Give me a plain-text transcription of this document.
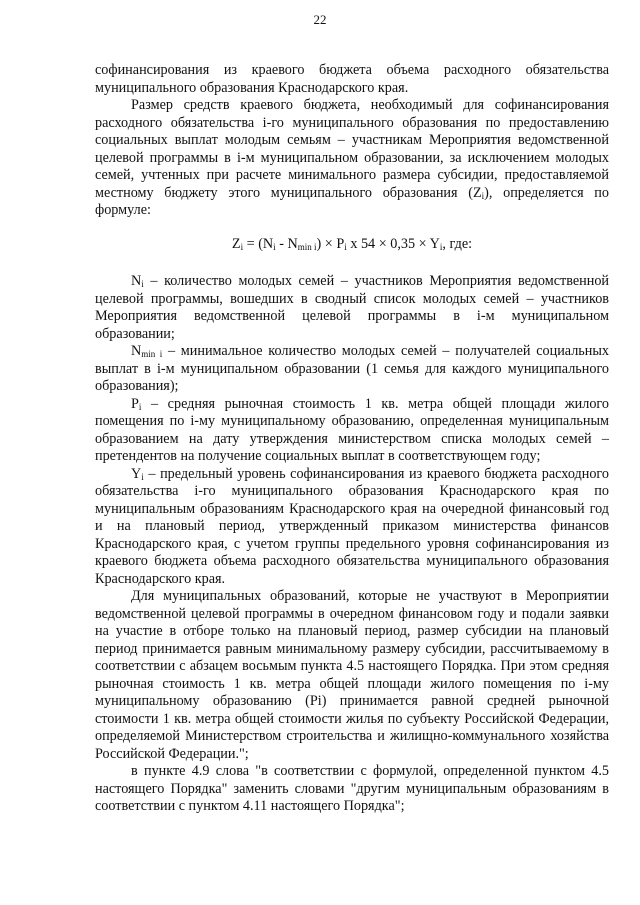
22

софинансирования из краевого бюджета объема расходного обязательства муниципального образования Краснодарского края.

Размер средств краевого бюджета, необходимый для софинансирования расходного обязательства i-го муниципального образования по предоставлению социальных выплат молодым семьям – участникам Мероприятия ведомственной целевой программы в i-м муниципальном образовании, за исключением молодых семей, учтенных при расчете минимального размера субсидии, предоставляемой местному бюджету этого муниципального образования $(Z_i)$, определяется по формуле:

$Z_i = (N_i - N_{min i}) \times P_i$ x $54 \times 0,35 \times Y_i$, где:

$N_i$ – количество молодых семей – участников Мероприятия ведомственной целевой программы, вошедших в сводный список молодых семей – участников Мероприятия ведомственной целевой программы в i-м муниципальном образовании;

$N_{min i}$ – минимальное количество молодых семей – получателей социальных выплат в i-м муниципальном образовании (1 семья для каждого муниципального образования);

$P_i$ – средняя рыночная стоимость 1 кв. метра общей площади жилого помещения по i-му муниципальному образованию, определенная муниципальным образованием на дату утверждения министерством списка молодых семей – претендентов на получение социальных выплат в соответствующем году;

$Y_i$ – предельный уровень софинансирования из краевого бюджета расходного обязательства i-го муниципального образования Краснодарского края по муниципальным образованиям Краснодарского края на очередной финансовый год и на плановый период, утвержденный приказом министерства финансов Краснодарского края, с учетом группы предельного уровня софинансирования из краевого бюджета объема расходного обязательства муниципального образования Краснодарского края.

Для муниципальных образований, которые не участвуют в Мероприятии ведомственной целевой программы в очередном финансовом году и подали заявки на участие в отборе только на плановый период, размер субсидии на плановый период принимается равным минимальному размеру субсидии, рассчитываемому в соответствии с абзацем восьмым пункта 4.5 настоящего Порядка. При этом средняя рыночная стоимость 1 кв. метра общей площади жилого помещения по i-му муниципальному образованию (Pi) принимается равной средней рыночной стоимости 1 кв. метра общей стоимости жилья по субъекту Российской Федерации, определяемой Министерством строительства и жилищно-коммунального хозяйства Российской Федерации.";

в пункте 4.9 слова "в соответствии с формулой, определенной пунктом 4.5 настоящего Порядка" заменить словами "другим муниципальным образованиям в соответствии с пунктом 4.11 настоящего Порядка";
